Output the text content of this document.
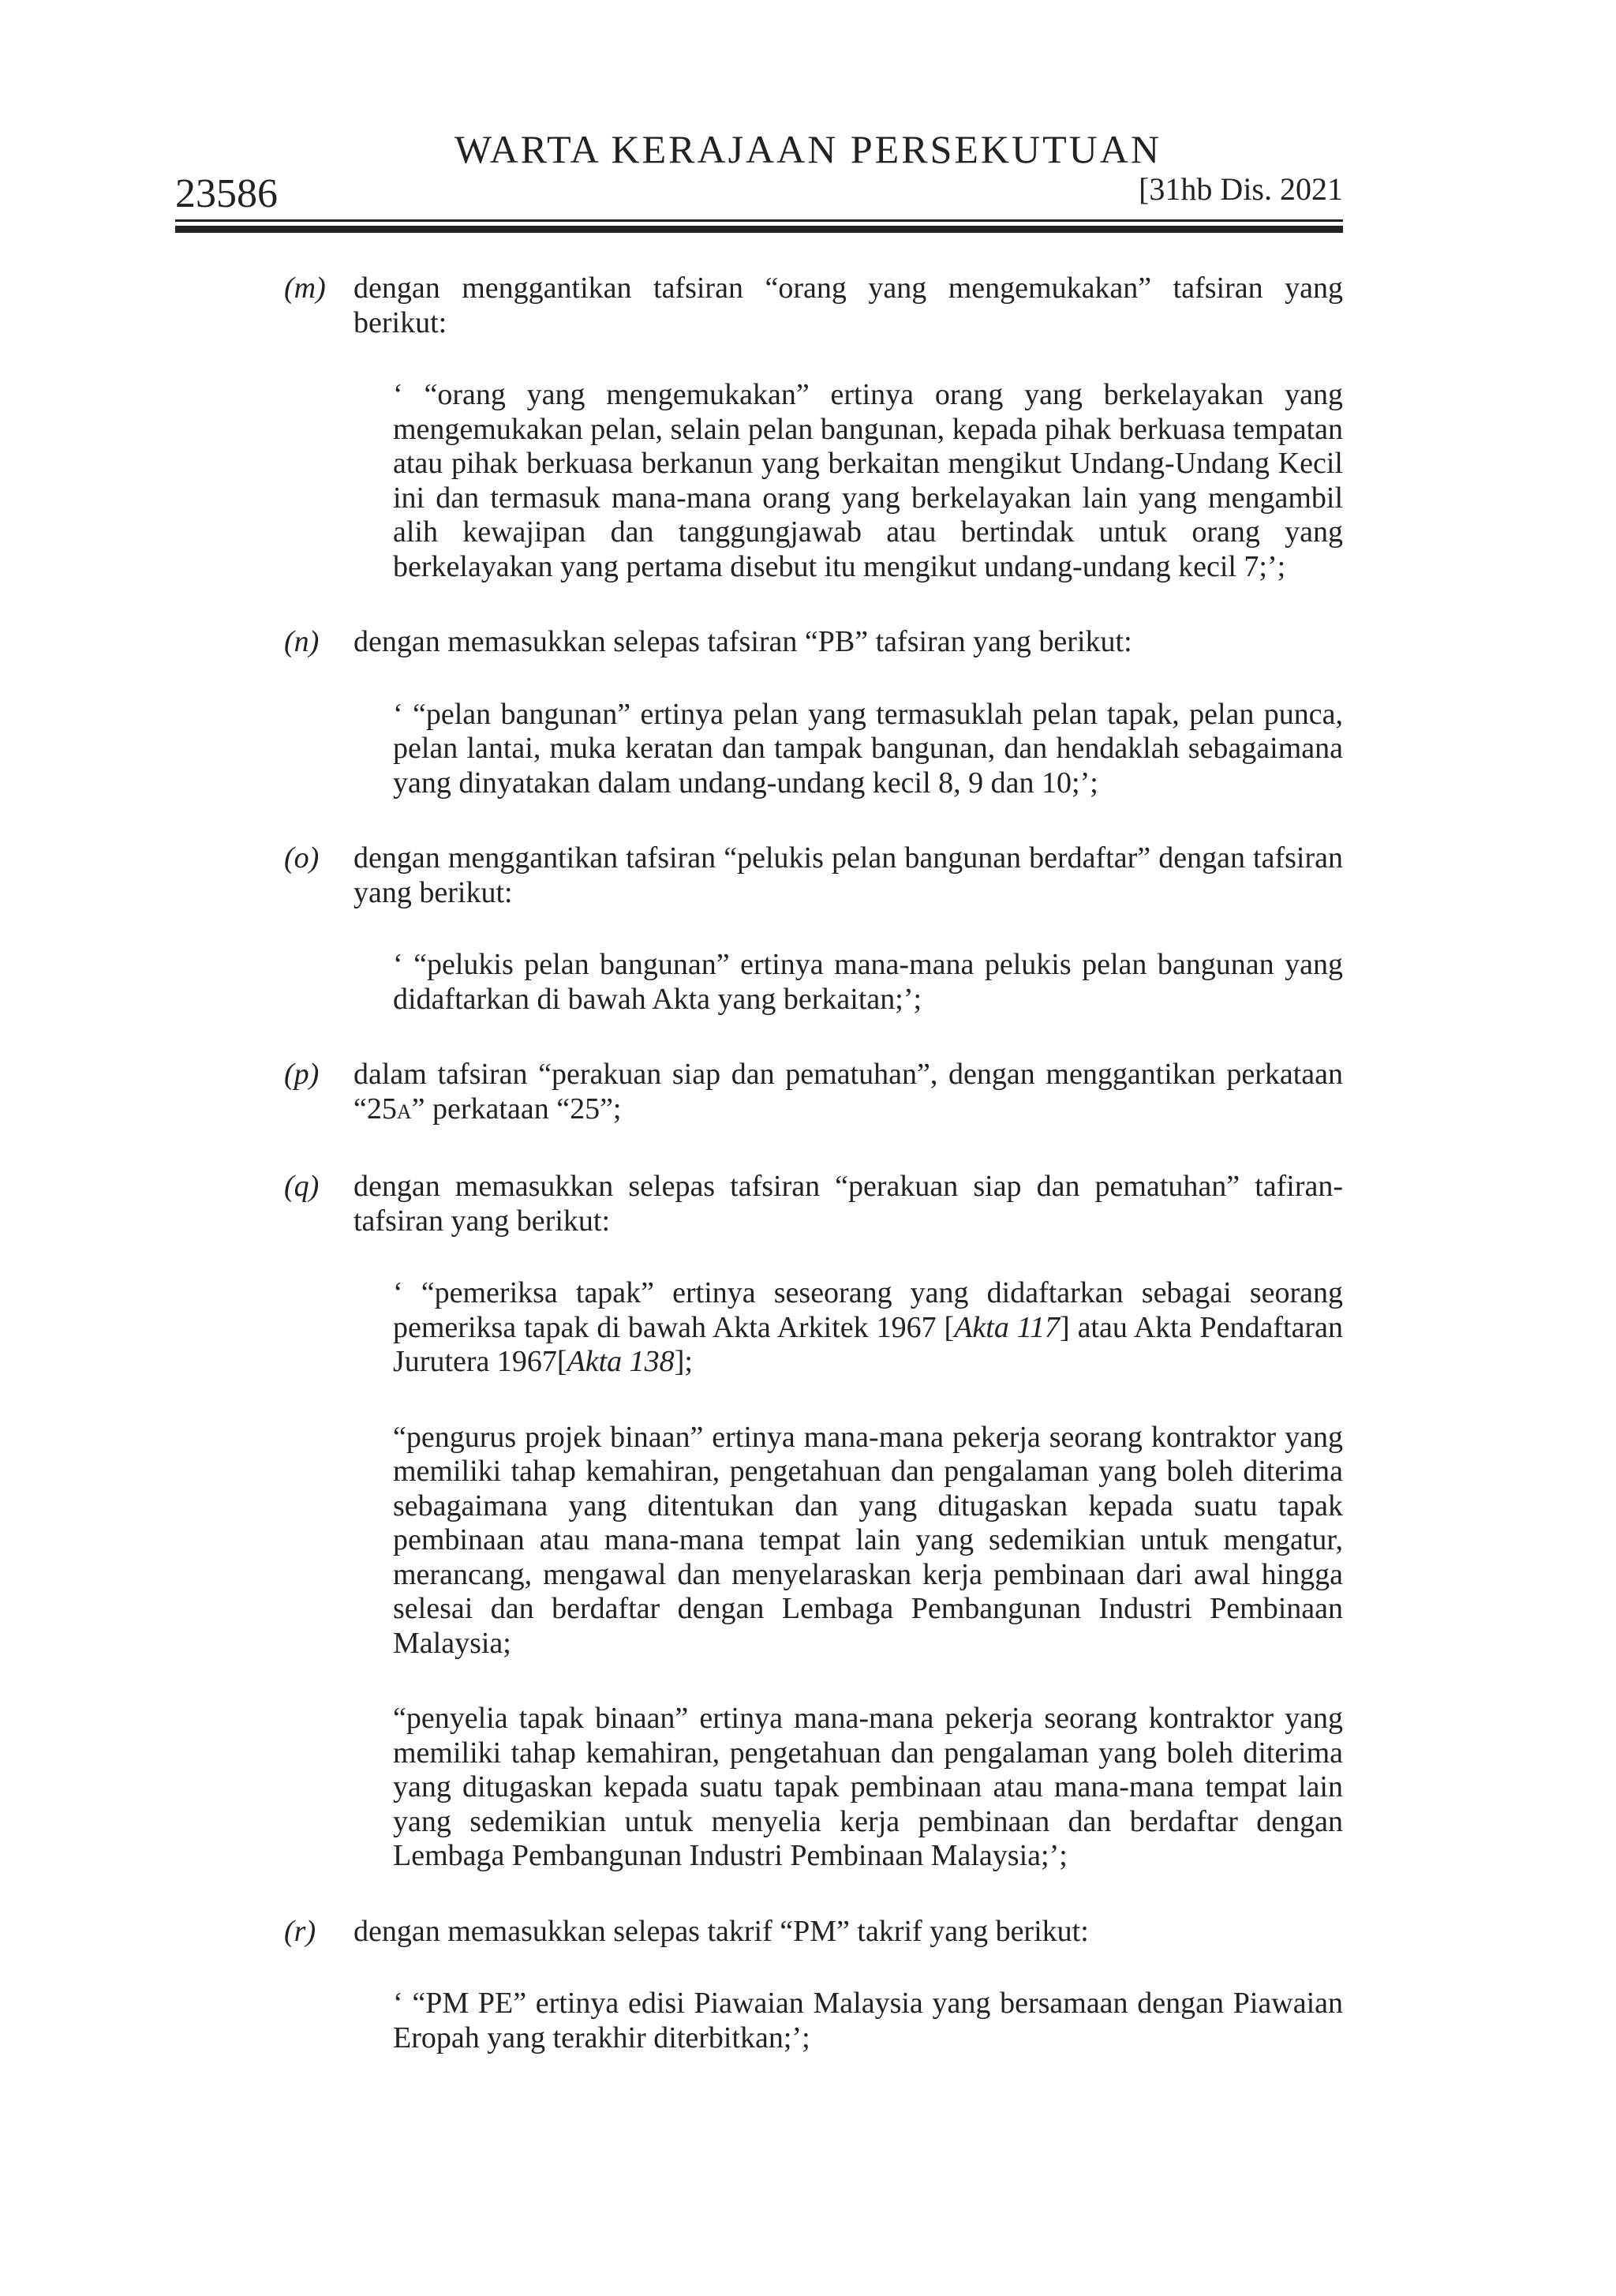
WARTA KERAJAAN PERSEKUTUAN
23586	[31hb Dis. 2021
(m) dengan menggantikan tafsiran “orang yang mengemukakan” tafsiran yang berikut:
‘ “orang yang mengemukakan” ertinya orang yang berkelayakan yang mengemukakan pelan, selain pelan bangunan, kepada pihak berkuasa tempatan atau pihak berkuasa berkanun yang berkaitan mengikut Undang-Undang Kecil ini dan termasuk mana-mana orang yang berkelayakan lain yang mengambil alih kewajipan dan tanggungjawab atau bertindak untuk orang yang berkelayakan yang pertama disebut itu mengikut undang-undang kecil 7;’;
(n) dengan memasukkan selepas tafsiran “PB” tafsiran yang berikut:
‘ “pelan bangunan” ertinya pelan yang termasuklah pelan tapak, pelan punca, pelan lantai, muka keratan dan tampak bangunan, dan hendaklah sebagaimana yang dinyatakan dalam undang-undang kecil 8, 9 dan 10;’;
(o) dengan menggantikan tafsiran “pelukis pelan bangunan berdaftar” dengan tafsiran yang berikut:
‘ “pelukis pelan bangunan” ertinya mana-mana pelukis pelan bangunan yang didaftarkan di bawah Akta yang berkaitan;’;
(p) dalam tafsiran “perakuan siap dan pematuhan”, dengan menggantikan perkataan “25A” perkataan “25”;
(q) dengan memasukkan selepas tafsiran “perakuan siap dan pematuhan” tafiran-tafsiran yang berikut:
‘ “pemeriksa tapak” ertinya seseorang yang didaftarkan sebagai seorang pemeriksa tapak di bawah Akta Arkitek 1967 [Akta 117] atau Akta Pendaftaran Jurutera 1967[Akta 138];
“pengurus projek binaan” ertinya mana-mana pekerja seorang kontraktor yang memiliki tahap kemahiran, pengetahuan dan pengalaman yang boleh diterima sebagaimana yang ditentukan dan yang ditugaskan kepada suatu tapak pembinaan atau mana-mana tempat lain yang sedemikian untuk mengatur, merancang, mengawal dan menyelaraskan kerja pembinaan dari awal hingga selesai dan berdaftar dengan Lembaga Pembangunan Industri Pembinaan Malaysia;
“penyelia tapak binaan” ertinya mana-mana pekerja seorang kontraktor yang memiliki tahap kemahiran, pengetahuan dan pengalaman yang boleh diterima yang ditugaskan kepada suatu tapak pembinaan atau mana-mana tempat lain yang sedemikian untuk menyelia kerja pembinaan dan berdaftar dengan Lembaga Pembangunan Industri Pembinaan Malaysia;’;
(r) dengan memasukkan selepas takrif “PM” takrif yang berikut:
‘ “PM PE” ertinya edisi Piawaian Malaysia yang bersamaan dengan Piawaian Eropah yang terakhir diterbitkan;’;
